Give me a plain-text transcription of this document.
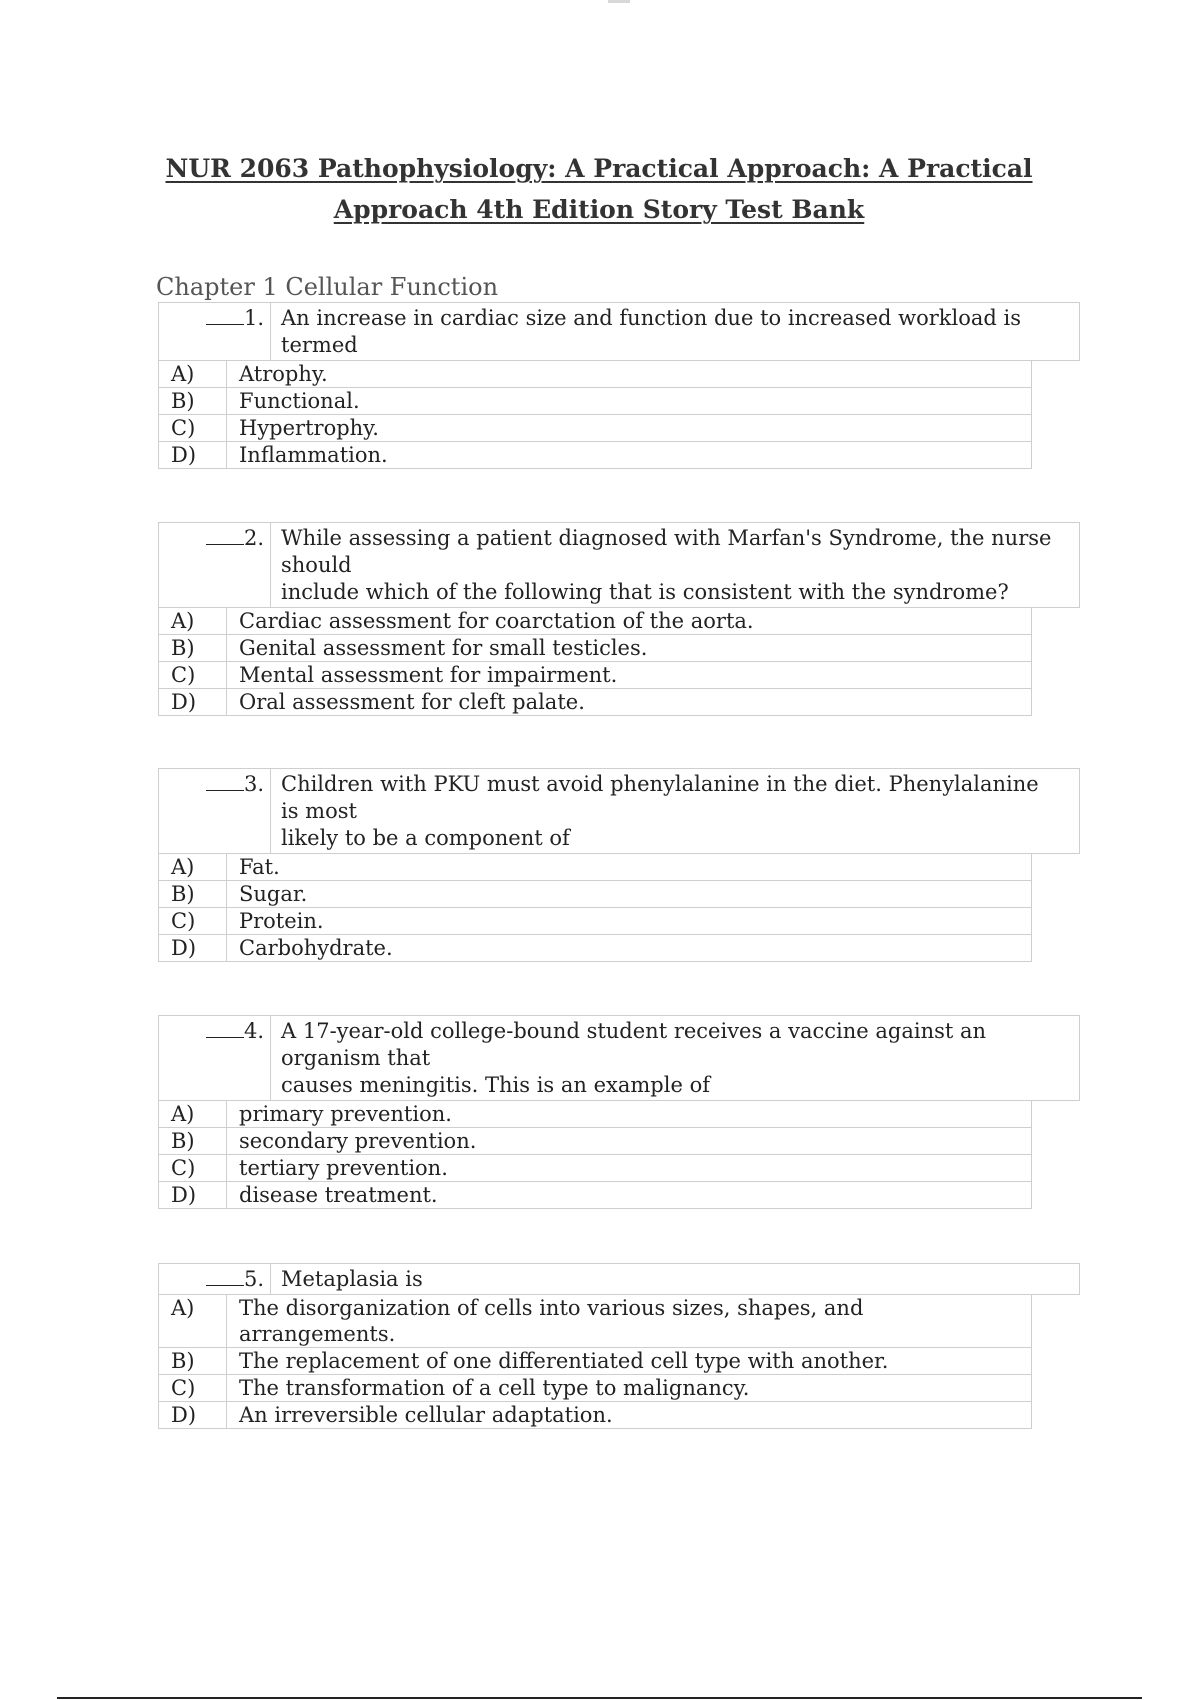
NUR 2063 Pathophysiology: A Practical Approach: A Practical
Approach 4th Edition Story Test Bank
Chapter 1 Cellular Function
1. An increase in cardiac size and function due to increased workload is
termed
A)	Atrophy.
B)	Functional.
C)	Hypertrophy.
D)	Inflammation.
2. While assessing a patient diagnosed with Marfan's Syndrome, the nurse
should
include which of the following that is consistent with the syndrome?
A)	Cardiac assessment for coarctation of the aorta.
B)	Genital assessment for small testicles.
C)	Mental assessment for impairment.
D)	Oral assessment for cleft palate.
3. Children with PKU must avoid phenylalanine in the diet. Phenylalanine
is most
likely to be a component of
A)	Fat.
B)	Sugar.
C)	Protein.
D)	Carbohydrate.
4. A 17-year-old college-bound student receives a vaccine against an
organism that
causes meningitis. This is an example of
A)	primary prevention.
B)	secondary prevention.
C)	tertiary prevention.
D)	disease treatment.
5. Metaplasia is
A)	The disorganization of cells into various sizes, shapes, and
arrangements.
B)	The replacement of one differentiated cell type with another.
C)	The transformation of a cell type to malignancy.
D)	An irreversible cellular adaptation.
